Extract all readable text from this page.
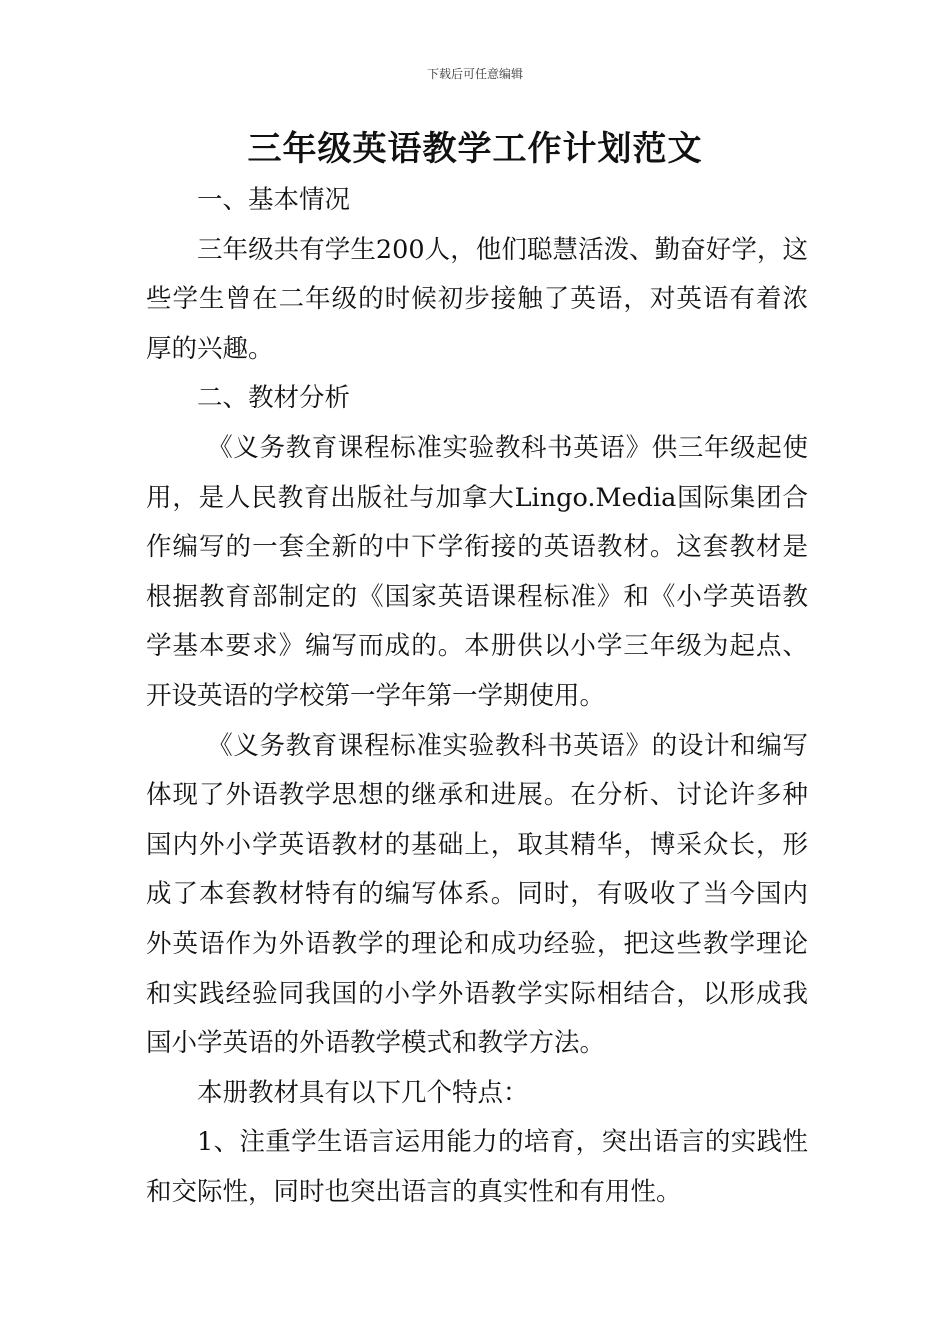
下载后可任意编辑
三年级英语教学工作计划范文

一、基本情况

三年级共有学生200人，他们聪慧活泼、勤奋好学，这些学生曾在二年级的时候初步接触了英语，对英语有着浓厚的兴趣。

二、教材分析

《义务教育课程标准实验教科书英语》供三年级起使用，是人民教育出版社与加拿大Lingo.Media国际集团合作编写的一套全新的中下学衔接的英语教材。这套教材是根据教育部制定的《国家英语课程标准》和《小学英语教学基本要求》编写而成的。本册供以小学三年级为起点、开设英语的学校第一学年第一学期使用。

《义务教育课程标准实验教科书英语》的设计和编写体现了外语教学思想的继承和进展。在分析、讨论许多种国内外小学英语教材的基础上，取其精华，博采众长，形成了本套教材特有的编写体系。同时，有吸收了当今国内外英语作为外语教学的理论和成功经验，把这些教学理论和实践经验同我国的小学外语教学实际相结合，以形成我国小学英语的外语教学模式和教学方法。

本册教材具有以下几个特点：

1、注重学生语言运用能力的培育，突出语言的实践性和交际性，同时也突出语言的真实性和有用性。
